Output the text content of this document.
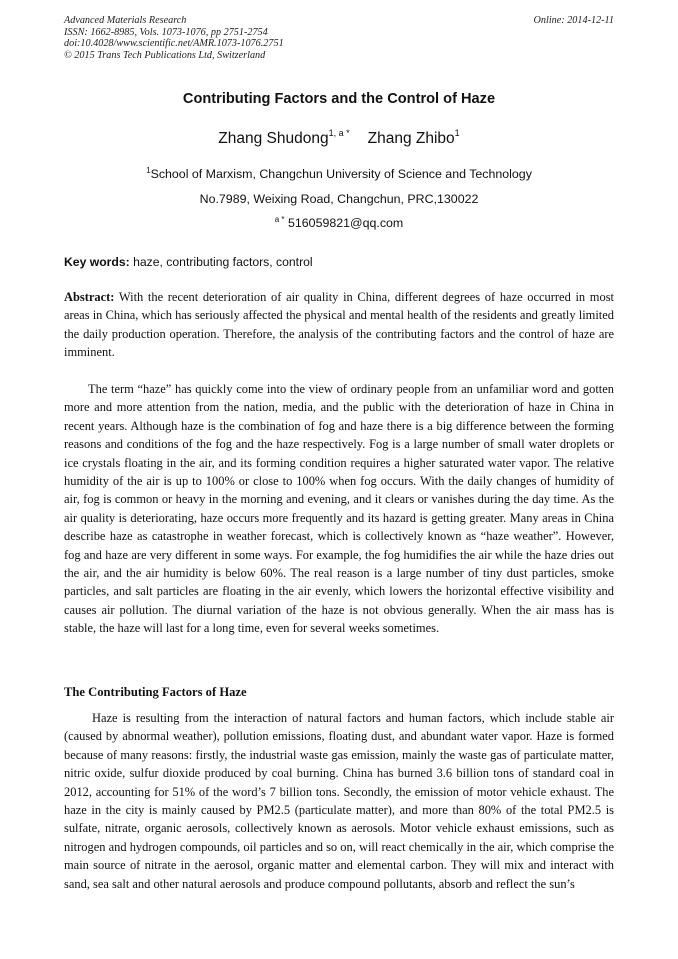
Advanced Materials Research
ISSN: 1662-8985, Vols. 1073-1076, pp 2751-2754
doi:10.4028/www.scientific.net/AMR.1073-1076.2751
© 2015 Trans Tech Publications Ltd, Switzerland
Online: 2014-12-11
Contributing Factors and the Control of Haze
Zhang Shudong$^{1, a *}$ Zhang Zhibo$^1$
$^1$School of Marxism, Changchun University of Science and Technology
No.7989, Weixing Road, Changchun, PRC,130022
$^{a *}$ 516059821@qq.com
Key words: haze, contributing factors, control

Abstract: With the recent deterioration of air quality in China, different degrees of haze occurred in most areas in China, which has seriously affected the physical and mental health of the residents and greatly limited the daily production operation. Therefore, the analysis of the contributing factors and the control of haze are imminent.

The term “haze” has quickly come into the view of ordinary people from an unfamiliar word and gotten more and more attention from the nation, media, and the public with the deterioration of haze in China in recent years. Although haze is the combination of fog and haze there is a big difference between the forming reasons and conditions of the fog and the haze respectively. Fog is a large number of small water droplets or ice crystals floating in the air, and its forming condition requires a higher saturated water vapor. The relative humidity of the air is up to 100% or close to 100% when fog occurs. With the daily changes of humidity of air, fog is common or heavy in the morning and evening, and it clears or vanishes during the day time. As the air quality is deteriorating, haze occurs more frequently and its hazard is getting greater. Many areas in China describe haze as catastrophe in weather forecast, which is collectively known as “haze weather”. However, fog and haze are very different in some ways. For example, the fog humidifies the air while the haze dries out the air, and the air humidity is below 60%. The real reason is a large number of tiny dust particles, smoke particles, and salt particles are floating in the air evenly, which lowers the horizontal effective visibility and causes air pollution. The diurnal variation of the haze is not obvious generally. When the air mass has is stable, the haze will last for a long time, even for several weeks sometimes.

The Contributing Factors of Haze

Haze is resulting from the interaction of natural factors and human factors, which include stable air (caused by abnormal weather), pollution emissions, floating dust, and abundant water vapor. Haze is formed because of many reasons: firstly, the industrial waste gas emission, mainly the waste gas of particulate matter, nitric oxide, sulfur dioxide produced by coal burning. China has burned 3.6 billion tons of standard coal in 2012, accounting for 51% of the word’s 7 billion tons. Secondly, the emission of motor vehicle exhaust. The haze in the city is mainly caused by PM2.5 (particulate matter), and more than 80% of the total PM2.5 is sulfate, nitrate, organic aerosols, collectively known as aerosols. Motor vehicle exhaust emissions, such as nitrogen and hydrogen compounds, oil particles and so on, will react chemically in the air, which comprise the main source of nitrate in the aerosol, organic matter and elemental carbon. They will mix and interact with sand, sea salt and other natural aerosols and produce compound pollutants, absorb and reflect the sun’s
